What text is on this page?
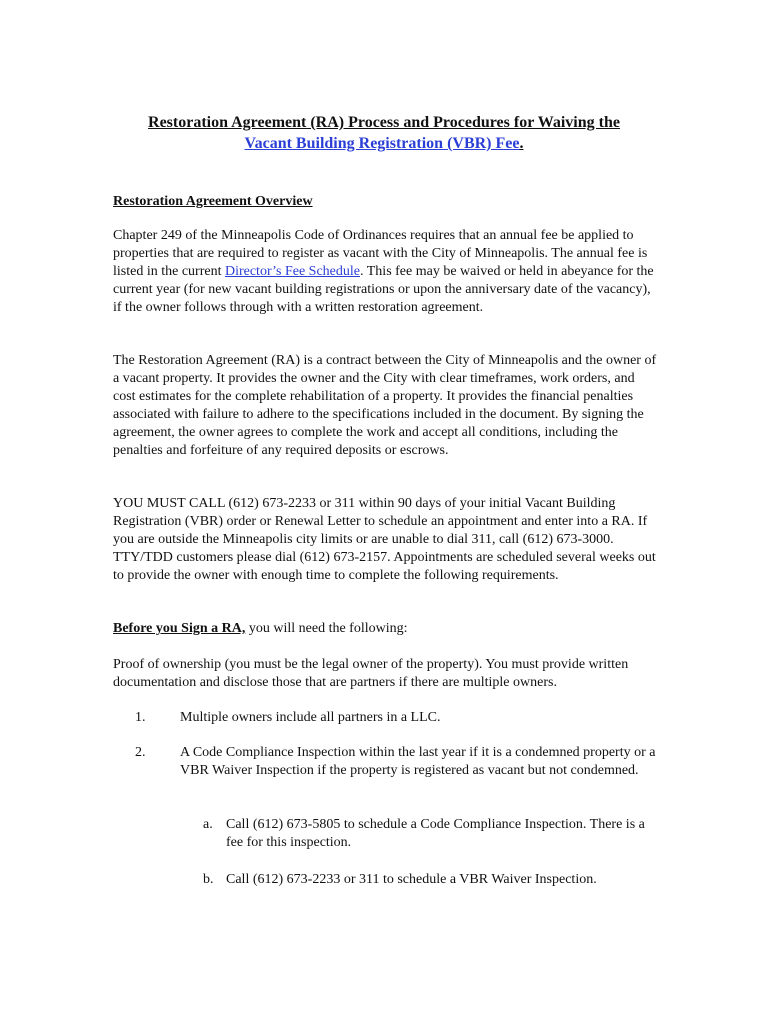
Restoration Agreement (RA) Process and Procedures for Waiving the
Vacant Building Registration (VBR) Fee.

Restoration Agreement Overview

Chapter 249 of the Minneapolis Code of Ordinances requires that an annual fee be applied to properties that are required to register as vacant with the City of Minneapolis. The annual fee is listed in the current Director’s Fee Schedule. This fee may be waived or held in abeyance for the current year (for new vacant building registrations or upon the anniversary date of the vacancy), if the owner follows through with a written restoration agreement.

The Restoration Agreement (RA) is a contract between the City of Minneapolis and the owner of a vacant property. It provides the owner and the City with clear timeframes, work orders, and cost estimates for the complete rehabilitation of a property. It provides the financial penalties associated with failure to adhere to the specifications included in the document. By signing the agreement, the owner agrees to complete the work and accept all conditions, including the penalties and forfeiture of any required deposits or escrows.

YOU MUST CALL (612) 673-2233 or 311 within 90 days of your initial Vacant Building Registration (VBR) order or Renewal Letter to schedule an appointment and enter into a RA. If you are outside the Minneapolis city limits or are unable to dial 311, call (612) 673-3000. TTY/TDD customers please dial (612) 673-2157. Appointments are scheduled several weeks out to provide the owner with enough time to complete the following requirements.

Before you Sign a RA, you will need the following:

Proof of ownership (you must be the legal owner of the property). You must provide written documentation and disclose those that are partners if there are multiple owners.

1. Multiple owners include all partners in a LLC.
2. A Code Compliance Inspection within the last year if it is a condemned property or a VBR Waiver Inspection if the property is registered as vacant but not condemned.
a. Call (612) 673-5805 to schedule a Code Compliance Inspection. There is a fee for this inspection.
b. Call (612) 673-2233 or 311 to schedule a VBR Waiver Inspection.
